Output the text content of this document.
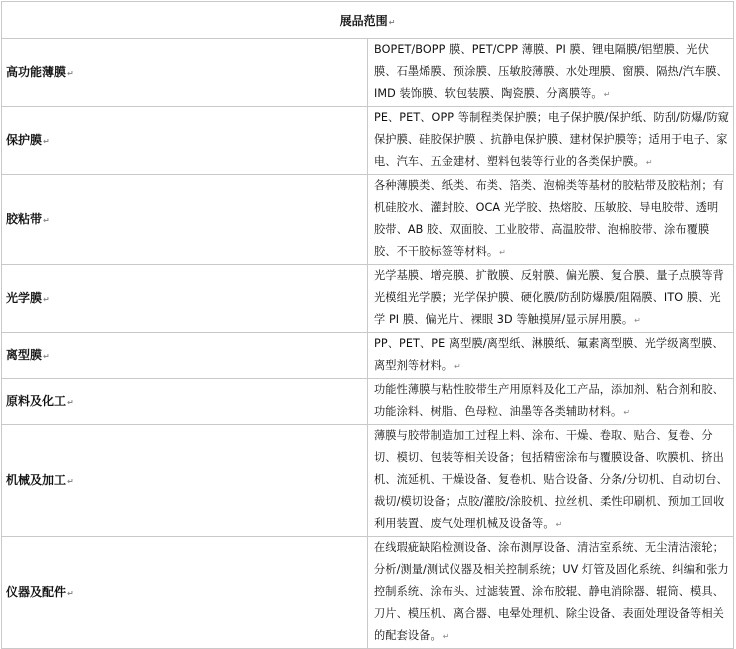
展品范围↵	
高功能薄膜↵	BOPET/BOPP 膜、PET/CPP 薄膜、PI 膜、锂电隔膜/铝塑膜、光伏膜、石墨烯膜、预涂膜、压敏胶薄膜、水处理膜、窗膜、隔热/汽车膜、IMD 装饰膜、软包装膜、陶瓷膜、分离膜等。↵
保护膜↵	PE、PET、OPP 等制程类保护膜；电子保护膜/保护纸、防刮/防爆/防窥保护膜、硅胶保护膜 、抗静电保护膜、建材保护膜等；适用于电子、家电、汽车、五金建材、塑料包装等行业的各类保护膜。↵
胶粘带↵	各种薄膜类、纸类、布类、箔类、泡棉类等基材的胶粘带及胶粘剂；有机硅胶水、灌封胶、OCA 光学胶、热熔胶、压敏胶、导电胶带、透明胶带、AB 胶、双面胶、工业胶带、高温胶带、泡棉胶带、涂布覆膜胶、不干胶标签等材料。↵
光学膜↵	光学基膜、增亮膜、扩散膜、反射膜、偏光膜、复合膜、量子点膜等背光模组光学膜；光学保护膜、硬化膜/防刮防爆膜/阻隔膜、ITO 膜、光学 PI 膜、偏光片、裸眼 3D 等触摸屏/显示屏用膜。↵
离型膜↵	PP、PET、PE 离型膜/离型纸、淋膜纸、氟素离型膜、光学级离型膜、离型剂等材料。↵
原料及化工↵	功能性薄膜与粘性胶带生产用原料及化工产品，添加剂、粘合剂和胶、功能涂料、树脂、色母粒、油墨等各类辅助材料。↵
机械及加工↵	薄膜与胶带制造加工过程上料、涂布、干燥、卷取、贴合、复卷、分切、模切、包装等相关设备；包括精密涂布与覆膜设备、吹膜机、挤出机、流延机、干燥设备、复卷机、贴合设备、分条/分切机、自动切台、裁切/模切设备；点胶/灌胶/涂胶机、拉丝机、柔性印刷机、预加工回收利用装置、废气处理机械及设备等。↵
仪器及配件↵	在线瑕疵缺陷检测设备、涂布测厚设备、清洁室系统、无尘清洁滚轮；分析/测量/测试仪器及相关控制系统；UV 灯管及固化系统、纠编和张力控制系统、涂布头、过滤装置、涂布胶辊、静电消除器、辊筒、模具、刀片、模压机、离合器、电晕处理机、除尘设备、表面处理设备等相关的配套设备。↵
